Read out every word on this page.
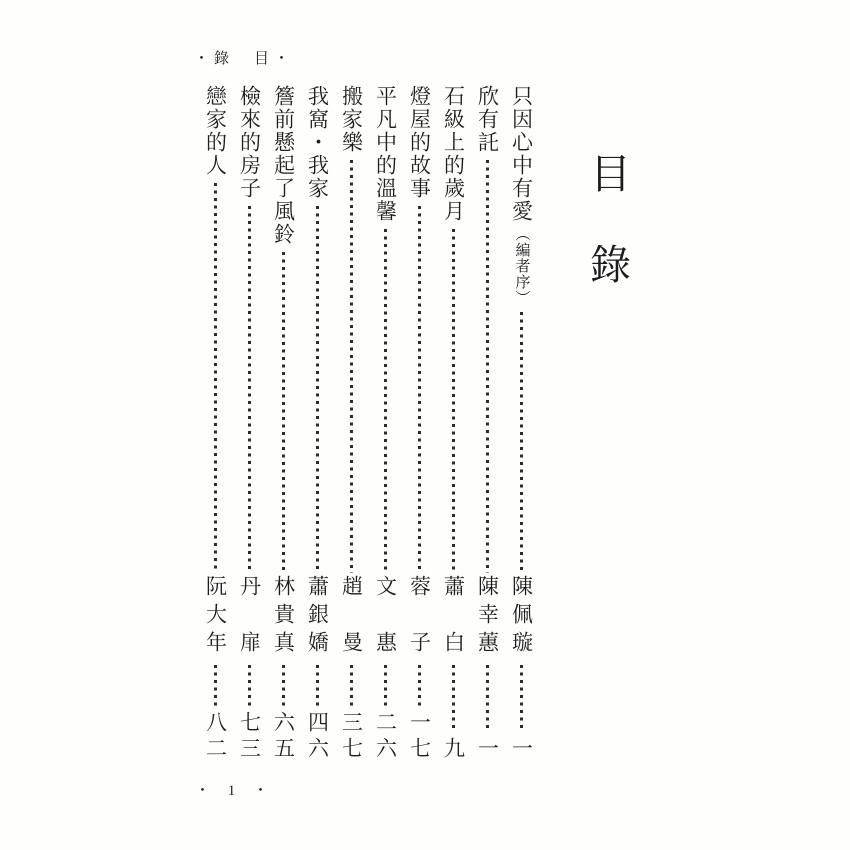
・錄　目・
目錄
只因心中有愛（編者序）
陳佩璇
一
欣有託
陳幸蕙
一
石級上的歲月
蕭　白
九
燈屋的故事
蓉　子
一七
平凡中的溫馨
文　惠
二六
搬家樂
趙　曼
三七
我窩・我家
蕭銀嬌
四六
簷前懸起了風鈴
林貴真
六五
檢來的房子
丹　扉
七三
戀家的人
阮大年
八二
・ 1 ・
